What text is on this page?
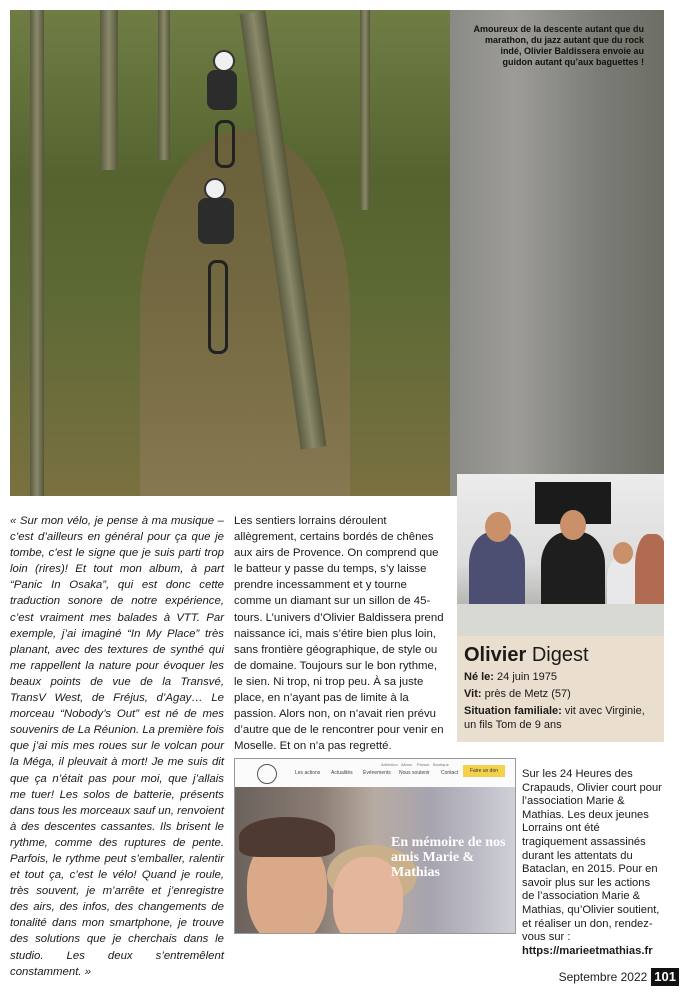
Amoureux de la descente autant que du marathon, du jazz autant que du rock indé, Olivier Baldissera envoie au guidon autant qu’aux baguettes !
« Sur mon vélo, je pense à ma musique – c’est d’ailleurs en général pour ça que je tombe, c’est le signe que je suis parti trop loin (rires)! Et tout mon album, à part “Panic In Osaka”, qui est donc cette traduction sonore de notre expérience, c’est vraiment mes balades à VTT. Par exemple, j’ai imaginé “In My Place” très planant, avec des textures de synthé qui me rappellent la nature pour évoquer les beaux points de vue de la Transvé, TransV West, de Fréjus, d’Agay… Le morceau “Nobody’s Out” est né de mes souvenirs de La Réunion. La première fois que j’ai mis mes roues sur le volcan pour la Méga, il pleuvait à mort! Je me suis dit que ça n’était pas pour moi, que j’allais me tuer! Les solos de batterie, présents dans tous les morceaux sauf un, renvoient à des descentes cassantes. Ils brisent le rythme, comme des ruptures de pente. Parfois, le rythme peut s’emballer, ralentir et tout ça, c’est le vélo! Quand je roule, très souvent, je m’arrête et j’enregistre des airs, des infos, des changements de tonalité dans mon smartphone, je trouve des solutions que je cherchais dans le studio. Les deux s’entremêlent constamment. »
Les sentiers lorrains déroulent allègrement, certains bordés de chênes aux airs de Provence. On comprend que le batteur y passe du temps, s’y laisse prendre incessamment et y tourne comme un diamant sur un sillon de 45-tours. L’univers d’Olivier Baldissera prend naissance ici, mais s’étire bien plus loin, sans frontière géographique, de style ou de domaine. Toujours sur le bon rythme, le sien. Ni trop, ni trop peu. À sa juste place, en n’ayant pas de limite à la passion. Alors non, on n’avait rien prévu d’autre que de le rencontrer pour venir en Moselle. Et on n’a pas regretté.
Olivier Digest
Né le: 24 juin 1975
Vit: près de Metz (57)
Situation familiale: vit avec Virginie, un fils Tom de 9 ans
Adhésion Album Presse Boutique
Les actions Actualités Événements Nous soutenir Contact	Faire un don
En mémoire de nos amis Marie & Mathias
Sur les 24 Heures des Crapauds, Olivier court pour l’association Marie & Mathias. Les deux jeunes Lorrains ont été tragiquement assassinés durant les attentats du Bataclan, en 2015. Pour en savoir plus sur les actions de l’association Marie & Mathias, qu’Olivier soutient, et réaliser un don, rendez-vous sur : https://marieetmathias.fr
Septembre 2022 101
